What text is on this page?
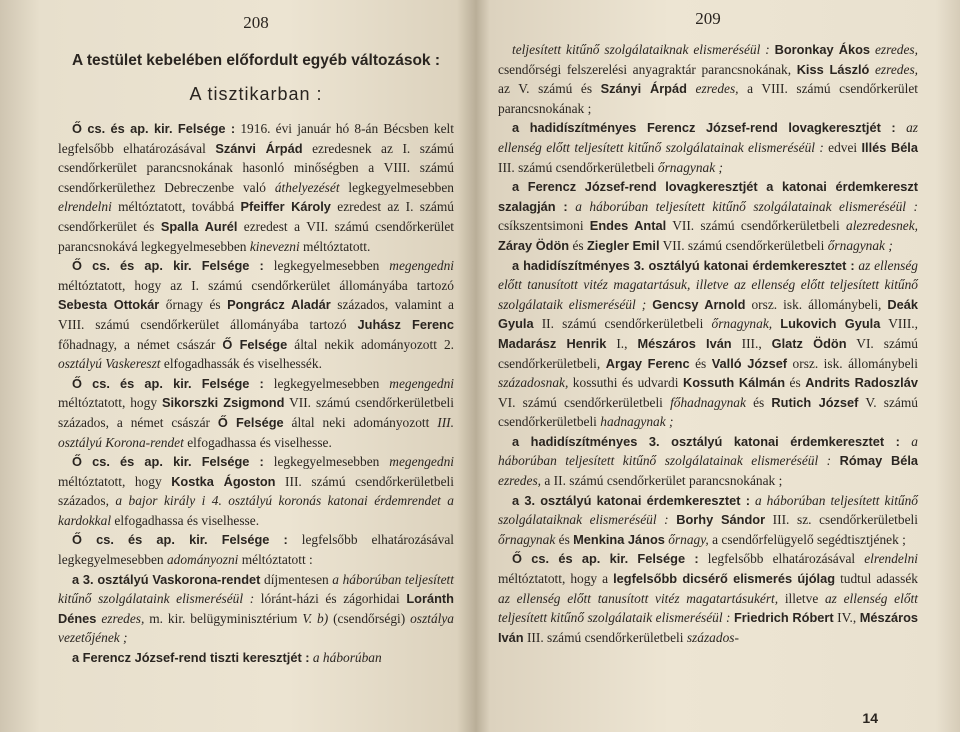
208
A testület kebelében előfordult egyéb változások :
A tisztikarban :

Ő cs. és ap. kir. Felsége : 1916. évi január hó 8-án Bécsben kelt legfelsőbb elhatározásával Szánvi Árpád ezredesnek az I. számú csendőrkerület parancsnokának hasonló minőségben a VIII. számú csendőrkerülethez Debreczenbe való áthelyezését legkegyelmesebben elrendelni méltóztatott, továbbá Pfeiffer Károly ezredest az I. számú csendőrkerület és Spalla Aurél ezredest a VII. számú csendőrkerület parancsnokává legkegyelmesebben kinevezni méltóztatott.

Ő cs. és ap. kir. Felsége : legkegyelmesebben megengedni méltóztatott, hogy az I. számú csendőrkerület állományába tartozó Sebesta Ottokár őrnagy és Pongrácz Aladár százados, valamint a VIII. számú csendőrkerület állományába tartozó Juhász Ferenc főhadnagy, a német császár Ő Felsége által nekik adományozott 2. osztályú Vaskereszt elfogadhassák és viselhessék.

Ő cs. és ap. kir. Felsége : legkegyelmesebben megengedni méltóztatott, hogy Sikorszki Zsigmond VII. számú csendőrkerületbeli százados, a német császár Ő Felsége által neki adományozott III. osztályú Korona-rendet elfogadhassa és viselhesse.

Ő cs. és ap. kir. Felsége : legkegyelmesebben megengedni méltóztatott, hogy Kostka Ágoston III. számú csendőrkerületbeli százados, a bajor király i 4. osztályú koronás katonai érdemrendet a kardokkal elfogadhassa és viselhesse.

Ő cs. és ap. kir. Felsége : legfelsőbb elhatározásával legkegyelmesebben adományozni méltóztatott :

a 3. osztályú Vaskorona-rendet díjmentesen a háborúban teljesített kitűnő szolgálataink elismeréséül : lóránt-házi és zágorhidai Loránth Dénes ezredes, m. kir. belügyminisztérium V. b) (csendőrségi) osztálya vezetőjének ;

a Ferencz József-rend tiszti keresztjét : a háborúban

209

teljesített kitűnő szolgálataiknak elismeréséül : Boronkay Ákos ezredes, csendőrségi felszerelési anyagraktár parancsnokának, Kiss László ezredes, az V. számú és Szányi Árpád ezredes, a VIII. számú csendőrkerület parancsnokának ;

a hadidíszítményes Ferencz József-rend lovagkeresztjét : az ellenség előtt teljesített kitűnő szolgálatainak elismeréséül : edvei Illés Béla III. számú csendőrkerületbeli őrnagynak ;

a Ferencz József-rend lovagkeresztjét a katonai érdemkereszt szalagján : a háborúban teljesített kitűnő szolgálatainak elismeréséül : csíkszentsimoni Endes Antal VII. számú csendőrkerületbeli alezredesnek, Záray Ödön és Ziegler Emil VII. számú csendőrkerületbeli őrnagynak ;

a hadidíszítményes 3. osztályú katonai érdemkeresztet : az ellenség előtt tanusított vitéz magatartásuk, illetve az ellenség előtt teljesített kitűnő szolgálataik elismeréséül ; Gencsy Arnold orsz. isk. állománybeli, Deák Gyula II. számú csendőrkerületbeli őrnagynak, Lukovich Gyula VIII., Madarász Henrik I., Mészáros Iván III., Glatz Ödön VI. számú csendőrkerületbeli, Argay Ferenc és Valló József orsz. isk. állománybeli századosnak, kossuthi és udvardi Kossuth Kálmán és Andrits Radoszláv VI. számú csendőrkerületbeli főhadnagynak és Rutich József V. számú csendőrkerületbeli hadnagynak ;

a hadidíszítményes 3. osztályú katonai érdemkeresztet : a háborúban teljesített kitűnő szolgálatainak elismeréséül : Rómay Béla ezredes, a II. számú csendőrkerület parancsnokának ;

a 3. osztályú katonai érdemkeresztet : a háborúban teljesített kitűnő szolgálataiknak elismeréséül : Borhy Sándor III. sz. csendőrkerületbeli őrnagynak és Menkina János őrnagy, a csendőrfelügyelő segédtisztjének ;

Ő cs. és ap. kir. Felsége : legfelsőbb elhatározásával elrendelni méltóztatott, hogy a legfelsőbb dicsérő elismerés újólag tudtul adassék az ellenség előtt tanusított vitéz magatartásukért, illetve az ellenség előtt teljesített kitűnő szolgálataik elismeréséül : Friedrich Róbert IV., Mészáros Iván III. számú csendőrkerületbeli százados-

14
